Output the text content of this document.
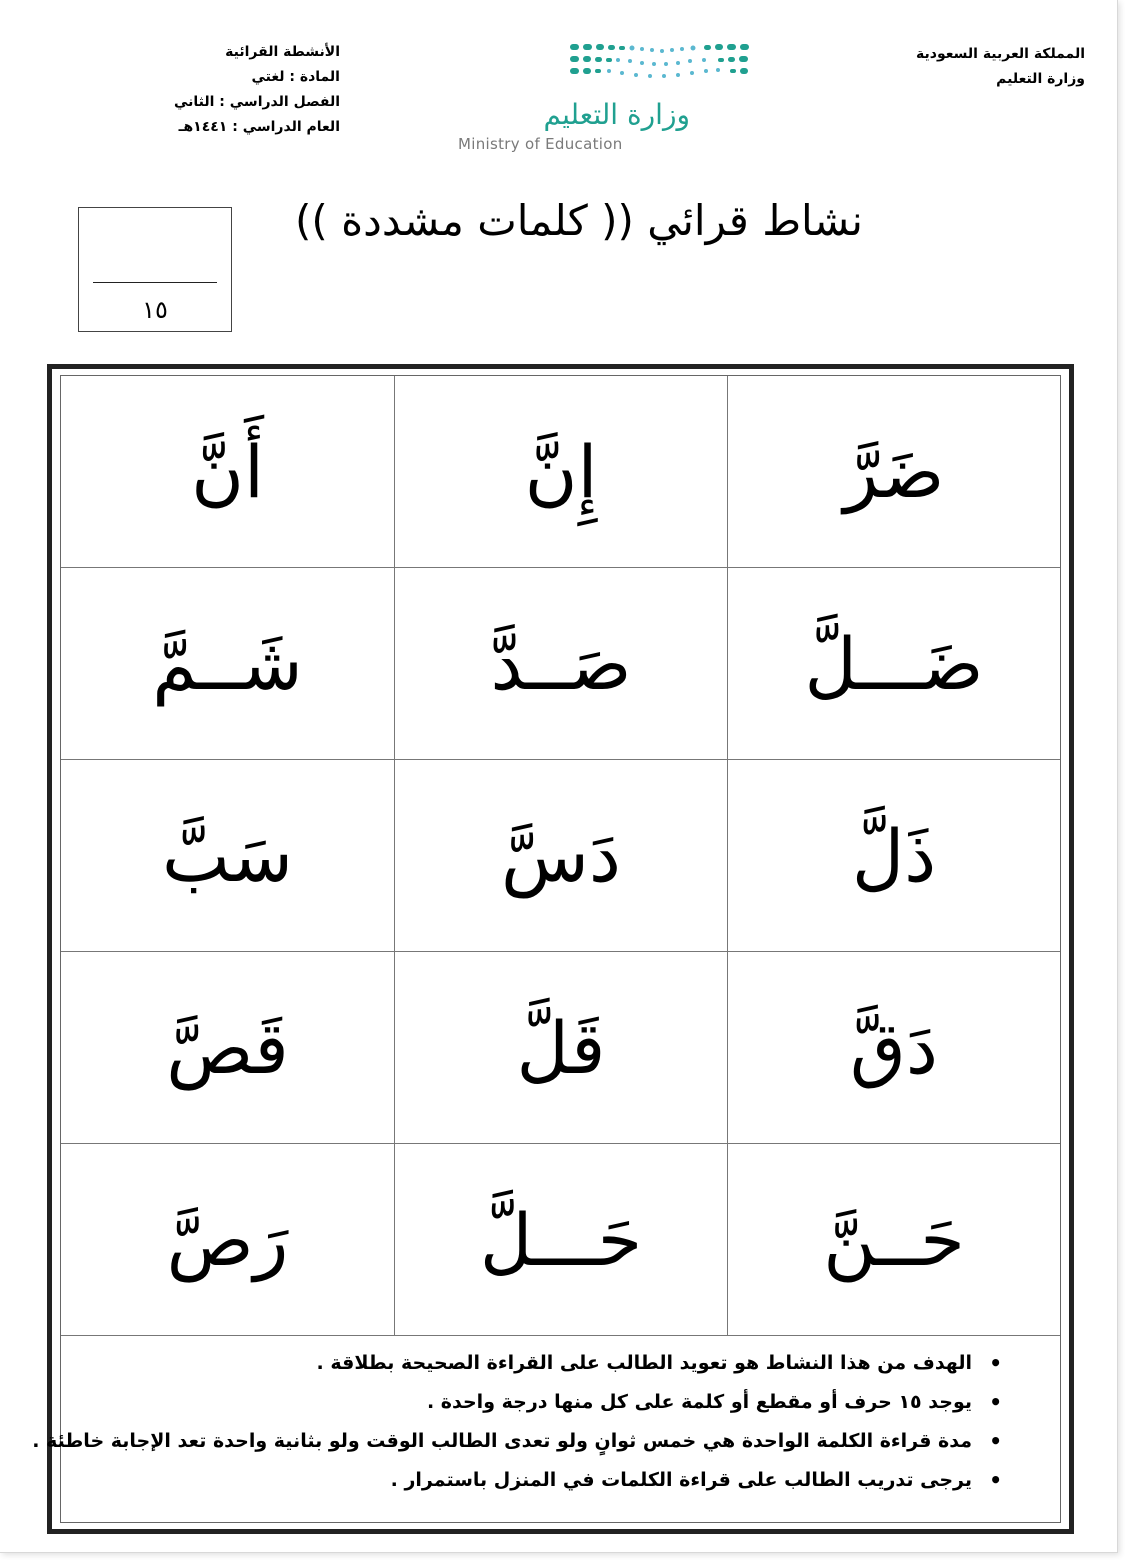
المملكة العربية السعودية
وزارة التعليم
وزارة التعليم
Ministry of Education
الأنشطة القرائية
المادة : لغتي
الفصل الدراسي : الثاني
العام الدراسي : ١٤٤١هـ
١٥
نشاط قرائي (( كلمات مشددة ))
ضَرَّ
إِنَّ
أَنَّ
ضَـــلَّ
صَــدَّ
شَــمَّ
ذَلَّ
دَسَّ
سَبَّ
دَقَّ
قَلَّ
قَصَّ
حَــنَّ
حَـــلَّ
رَصَّ
•
الهدف من هذا النشاط هو تعويد الطالب على القراءة الصحيحة بطلاقة .
•
يوجد ١٥ حرف أو مقطع أو كلمة على كل منها درجة واحدة .
•
مدة قراءة الكلمة الواحدة هي خمس ثوانٍ ولو تعدى الطالب الوقت ولو بثانية واحدة تعد الإجابة خاطئة .
•
يرجى تدريب الطالب على قراءة الكلمات في المنزل باستمرار .
